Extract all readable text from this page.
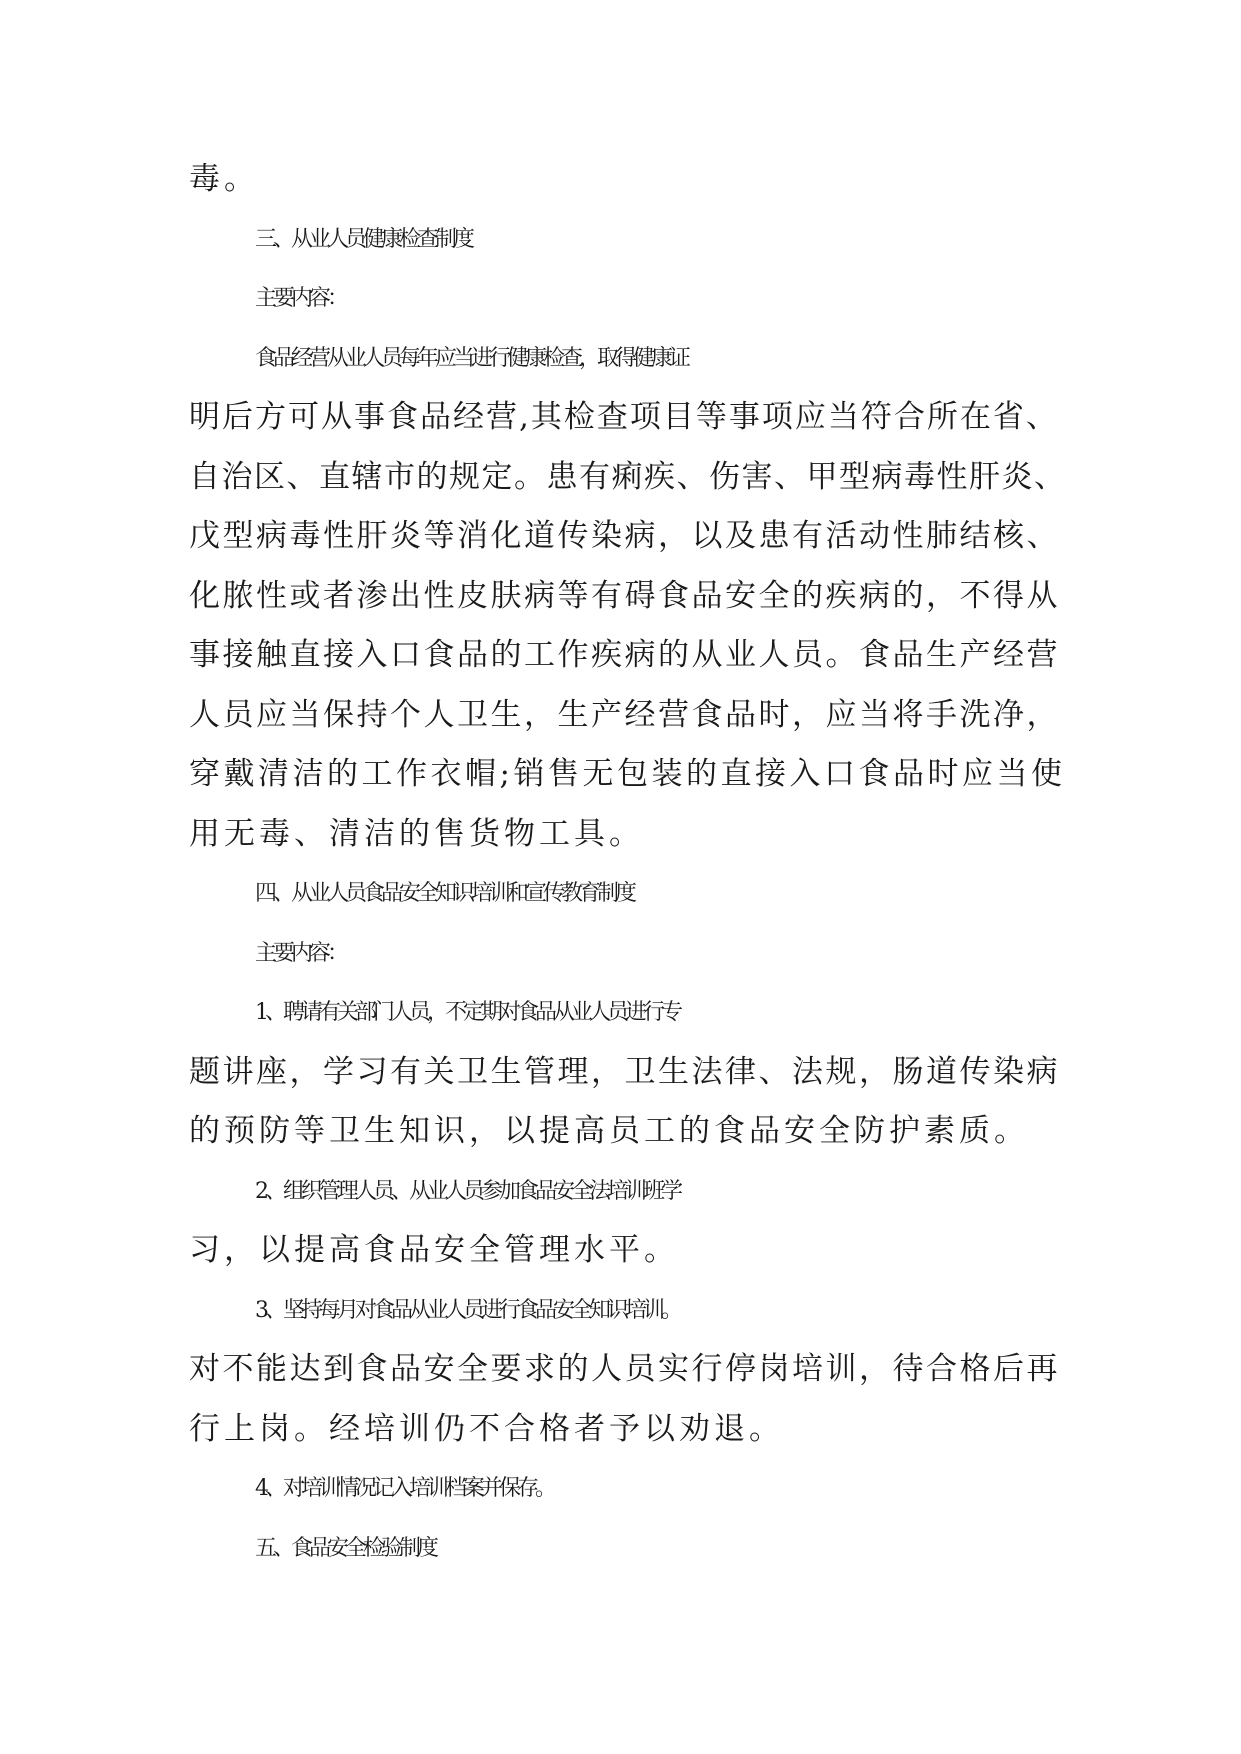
毒。
三、从业人员健康检查制度
主要内容：
食品经营从业人员每年应当进行健康检查，取得健康证
明后方可从事食品经营,其检查项目等事项应当符合所在省、
自治区、直辖市的规定。患有痢疾、伤害、甲型病毒性肝炎、
戊型病毒性肝炎等消化道传染病，以及患有活动性肺结核、
化脓性或者渗出性皮肤病等有碍食品安全的疾病的，不得从
事接触直接入口食品的工作疾病的从业人员。食品生产经营
人员应当保持个人卫生，生产经营食品时，应当将手洗净，
穿戴清洁的工作衣帽;销售无包装的直接入口食品时应当使
用无毒、清洁的售货物工具。
四、从业人员食品安全知识培训和宣传教育制度
主要内容：
1、聘请有关部门人员，不定期对食品从业人员进行专
题讲座，学习有关卫生管理，卫生法律、法规，肠道传染病
的预防等卫生知识，以提高员工的食品安全防护素质。
2、组织管理人员、从业人员参加食品安全法培训班学
习，以提高食品安全管理水平。
3、坚持每月对食品从业人员进行食品安全知识培训。
对不能达到食品安全要求的人员实行停岗培训，待合格后再
行上岗。经培训仍不合格者予以劝退。
4、对培训情况记入培训档案并保存。
五、食品安全检验制度
